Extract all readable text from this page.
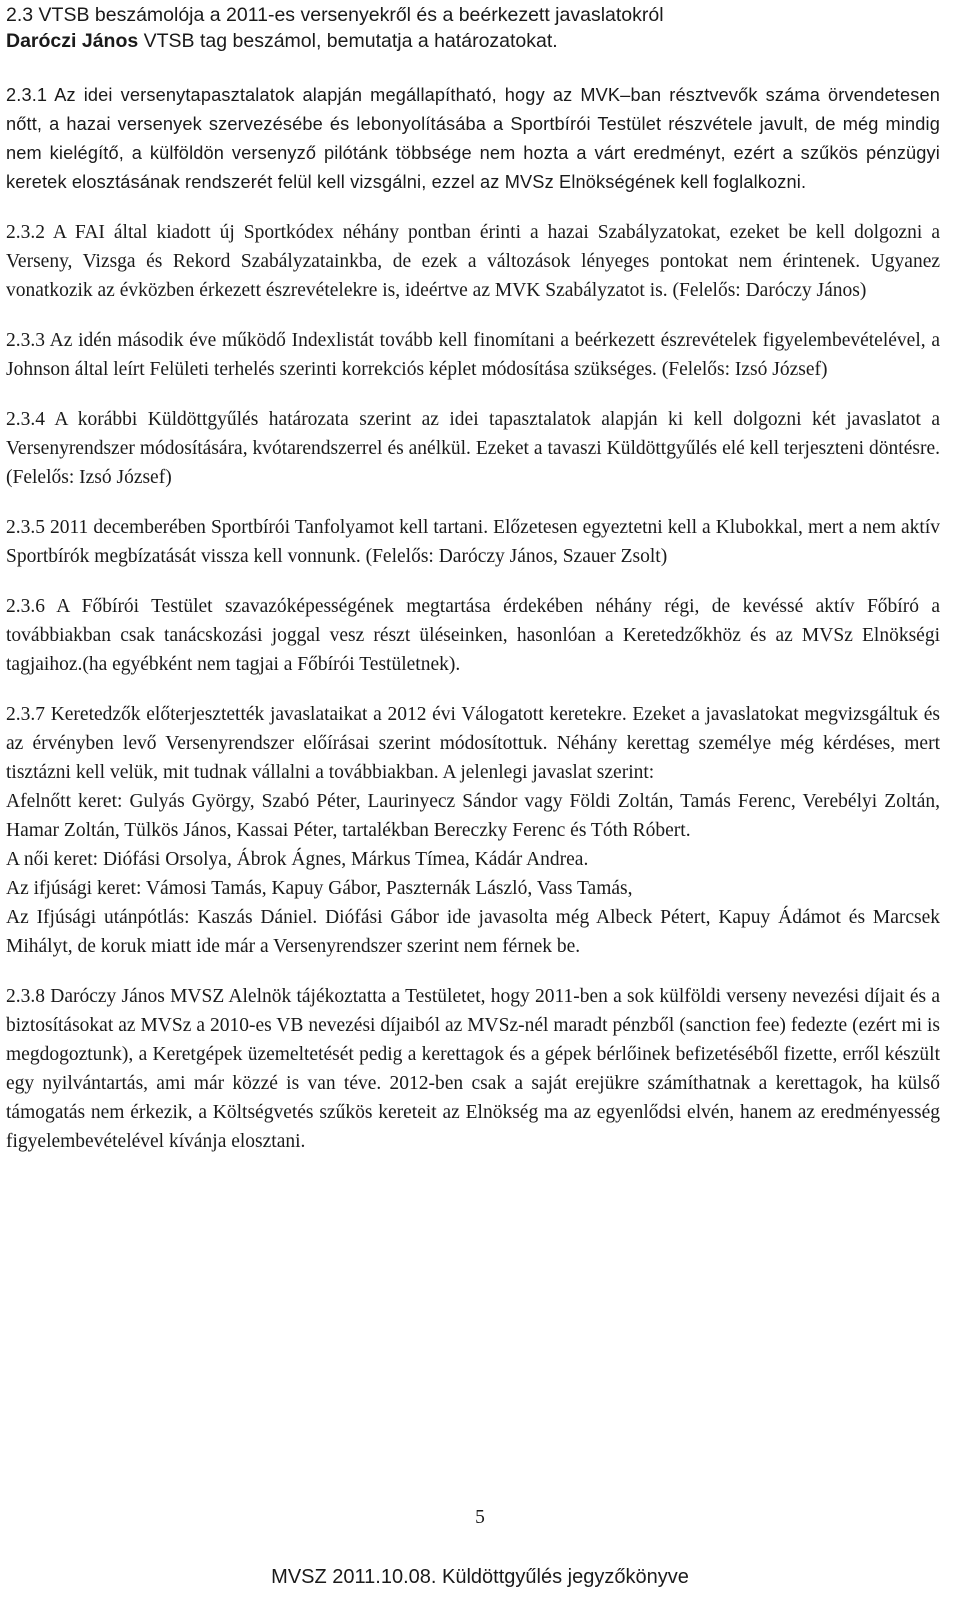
2.3 VTSB beszámolója a 2011-es versenyekről és a beérkezett javaslatokról
Daróczi János VTSB tag beszámol, bemutatja a határozatokat.

2.3.1 Az idei versenytapasztalatok alapján megállapítható, hogy az MVK–ban résztvevők száma örvendetesen nőtt, a hazai versenyek szervezésébe és lebonyolításába a Sportbírói Testület részvétele javult, de még mindig nem kielégítő, a külföldön versenyző pilótánk többsége nem hozta a várt eredményt, ezért a szűkös pénzügyi keretek elosztásának rendszerét felül kell vizsgálni, ezzel az MVSz Elnökségének kell foglalkozni.

2.3.2 A FAI által kiadott új Sportkódex néhány pontban érinti a hazai Szabályzatokat, ezeket be kell dolgozni a Verseny, Vizsga és Rekord Szabályzatainkba, de ezek a változások lényeges pontokat nem érintenek. Ugyanez vonatkozik az évközben érkezett észrevételekre is, ideértve az MVK Szabályzatot is. (Felelős: Daróczy János)

2.3.3 Az idén második éve működő Indexlistát tovább kell finomítani a beérkezett észrevételek figyelembevételével, a Johnson által leírt Felületi terhelés szerinti korrekciós képlet módosítása szükséges. (Felelős: Izsó József)

2.3.4 A korábbi Küldöttgyűlés határozata szerint az idei tapasztalatok alapján ki kell dolgozni két javaslatot a Versenyrendszer módosítására, kvótarendszerrel és anélkül. Ezeket a tavaszi Küldöttgyűlés elé kell terjeszteni döntésre. (Felelős: Izsó József)

2.3.5 2011 decemberében Sportbírói Tanfolyamot kell tartani. Előzetesen egyeztetni kell a Klubokkal, mert a nem aktív Sportbírók megbízatását vissza kell vonnunk. (Felelős: Daróczy János, Szauer Zsolt)

2.3.6 A Főbírói Testület szavazóképességének megtartása érdekében néhány régi, de kevéssé aktív Főbíró a továbbiakban csak tanácskozási joggal vesz részt üléseinken, hasonlóan a Keretedzőkhöz és az MVSz Elnökségi tagjaihoz.(ha egyébként nem tagjai a Főbírói Testületnek).

2.3.7 Keretedzők előterjesztették javaslataikat a 2012 évi Válogatott keretekre. Ezeket a javaslatokat megvizsgáltuk és az érvényben levő Versenyrendszer előírásai szerint módosítottuk. Néhány kerettag személye még kérdéses, mert tisztázni kell velük, mit tudnak vállalni a továbbiakban. A jelenlegi javaslat szerint:

Afelnőtt keret: Gulyás György, Szabó Péter, Laurinyecz Sándor vagy Földi Zoltán, Tamás Ferenc, Verebélyi Zoltán, Hamar Zoltán, Tülkös János, Kassai Péter, tartalékban Bereczky Ferenc és Tóth Róbert.

A női keret: Diófási Orsolya, Ábrok Ágnes, Márkus Tímea, Kádár Andrea.

Az ifjúsági keret: Vámosi Tamás, Kapuy Gábor, Paszternák László, Vass Tamás,

Az Ifjúsági utánpótlás: Kaszás Dániel. Diófási Gábor ide javasolta még Albeck Pétert, Kapuy Ádámot és Marcsek Mihályt, de koruk miatt ide már a Versenyrendszer szerint nem férnek be.

2.3.8 Daróczy János MVSZ Alelnök tájékoztatta a Testületet, hogy 2011-ben a sok külföldi verseny nevezési díjait és a biztosításokat az MVSz a 2010-es VB nevezési díjaiból az MVSz-nél maradt pénzből (sanction fee) fedezte (ezért mi is megdogoztunk), a Keretgépek üzemeltetését pedig a kerettagok és a gépek bérlőinek befizetéséből fizette, erről készült egy nyilvántartás, ami már közzé is van téve. 2012-ben csak a saját erejükre számíthatnak a kerettagok, ha külső támogatás nem érkezik, a Költségvetés szűkös kereteit az Elnökség ma az egyenlődsi elvén, hanem az eredményesség figyelembevételével kívánja elosztani.

5
MVSZ 2011.10.08. Küldöttgyűlés jegyzőkönyve
